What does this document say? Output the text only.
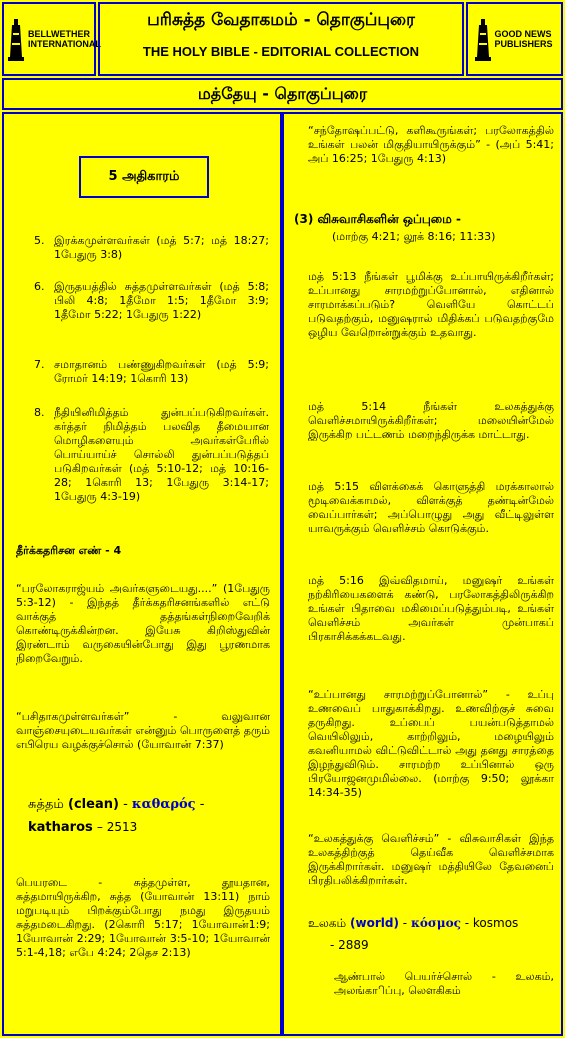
BELLWETHER INTERNATIONAL
பரிசுத்த வேதாகமம் - தொகுப்புரை
THE HOLY BIBLE - EDITORIAL COLLECTION
GOOD NEWS PUBLISHERS
மத்தேயு - தொகுப்புரை
5 அதிகாரம்
5. இரக்கமுள்ளவர்கள் (மத் 5:7; மத் 18:27; 1பேதுரு 3:8)
6. இருதயத்தில் சுத்தமுள்ளவர்கள் (மத் 5:8; பிலி 4:8; 1தீமோ 1:5; 1தீமோ 3:9; 1தீமோ 5:22; 1பேதுரு 1:22)
7. சமாதானம் பண்ணுகிறவர்கள் (மத் 5:9; ரோமர் 14:19; 1கொரி 13)
8. நீதியினிமித்தம் துன்பப்படுகிறவர்கள். கர்த்தர் நிமித்தம் பலவித தீமையான மொழிகளையும் அவர்கள்பேரில் பொய்யாய்ச் சொல்லி துன்பப்படுத்தப் படுகிறவர்கள் (மத் 5:10-12; மத் 10:16-28; 1கொரி 13; 1பேதுரு 3:14-17; 1பேதுரு 4:3-19)
தீர்க்கதரிசன எண் - 4
“பரலோகராஜ்யம் அவர்களுடையது....” (1பேதுரு 5:3-12) - இந்தத் தீர்க்கதரிசனங்களில் எட்டு வாக்குத் தத்தங்கள்நிறைவேறிக் கொண்டிருக்கின்றன. இயேசு கிறிஸ்துவின் இரண்டாம் வருகையின்போது இது பூரணமாக நிறைவேறும்.
“பசிதாகமுள்ளவர்கள்” - வலுவான வாஞ்சையுடையவர்கள் என்னும் பொருளைத் தரும் எபிரெய வழக்குச்சொல் (யோவான் 7:37)
சுத்தம் (clean) - καθαρός -
katharos – 2513
பெயரடை - சுத்தமுள்ள, தூயதான, சுத்தமாயிருக்கிற, சுத்த (யோவான் 13:11) நாம் மறுபடியும் பிறக்கும்போது நமது இருதயம் சுத்தமடைகிறது. (2கொரி 5:17; 1யோவான்1:9; 1யோவான் 2:29; 1யோவான் 3:5-10; 1யோவான் 5:1-4,18; எபே 4:24; 2தெச 2:13)
“சந்தோஷப்பட்டு, களிகூருங்கள்; பரலோகத்தில் உங்கள் பலன் மிகுதியாயிருக்கும்” - (அப் 5:41; அப் 16:25; 1பேதுரு 4:13)
(3) விசுவாசிகளின் ஒப்புமை -
(மாற்கு 4:21; லூக் 8:16; 11:33)
மத் 5:13 நீங்கள் பூமிக்கு உப்பாயிருக்கிறீர்கள்; உப்பானது சாரமற்றுப்போனால், எதினால் சாரமாக்கப்படும்? வெளியே கொட்டப் படுவதற்கும், மனுஷரால் மிதிக்கப் படுவதற்குமே ஒழிய வேறொன்றுக்கும் உதவாது.
மத் 5:14 நீங்கள் உலகத்துக்கு வெளிச்சமாயிருக்கிறீர்கள்; மலையின்மேல் இருக்கிற பட்டணம் மறைந்திருக்க மாட்டாது.
மத் 5:15 விளக்கைக் கொளுத்தி மரக்காலால் மூடிவைக்காமல், விளக்குத் தண்டின்மேல் வைப்பார்கள்; அப்பொழுது அது வீட்டிலுள்ள யாவருக்கும் வெளிச்சம் கொடுக்கும்.
மத் 5:16 இவ்விதமாய், மனுஷர் உங்கள் நற்கிரியைகளைக் கண்டு, பரலோகத்திலிருக்கிற உங்கள் பிதாவை மகிமைப்படுத்தும்படி, உங்கள் வெளிச்சம் அவர்கள் முன்பாகப் பிரகாசிக்கக்கடவது.
“உப்பானது சாரமற்றுப்போனால்” - உப்பு உணவைப் பாதுகாக்கிறது. உணவிற்குச் சுவை தருகிறது. உப்பைப் பயன்படுத்தாமல் வெயிலிலும், காற்றிலும், மழையிலும் கவனியாமல் விட்டுவிட்டால் அது தனது சாரத்தை இழந்துவிடும். சாரமற்ற உப்பினால் ஒரு பிரயோஜனமுமில்லை. (மாற்கு 9:50; லூக்கா 14:34-35)
“உலகத்துக்கு வெளிச்சம்” - விசுவாசிகள் இந்த உலகத்திற்குத் தெய்வீக வெளிச்சமாக இருக்கிறார்கள். மனுஷர் மத்தியிலே தேவனைப் பிரதிபலிக்கிறார்கள்.
உலகம் (world) - κόσμος - kosmos
- 2889
ஆண்பால் பெயர்ச்சொல் - உலகம், அலங்காிப்பு, லௌகிகம்
